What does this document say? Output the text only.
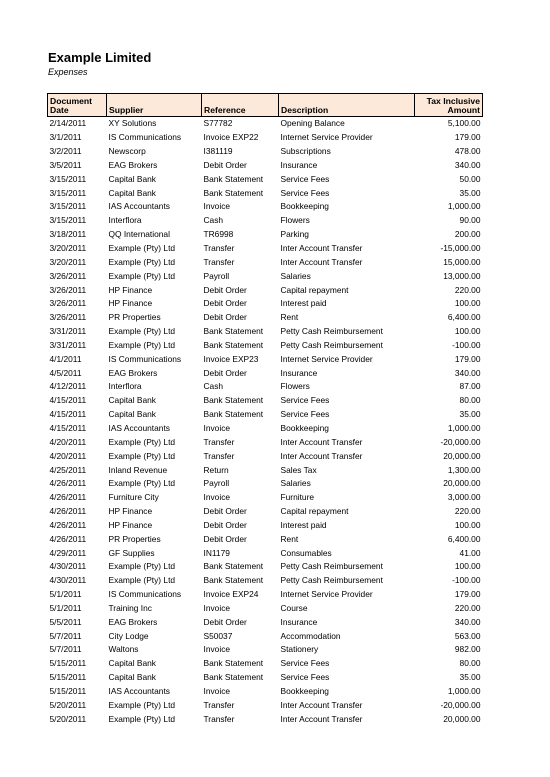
Example Limited
Expenses
Document Date	Supplier	Reference	Description	Tax Inclusive Amount
2/14/2011	XY Solutions	S77782	Opening Balance	5,100.00
3/1/2011	IS Communications	Invoice EXP22	Internet Service Provider	179.00
3/2/2011	Newscorp	I381119	Subscriptions	478.00
3/5/2011	EAG Brokers	Debit Order	Insurance	340.00
3/15/2011	Capital Bank	Bank Statement	Service Fees	50.00
3/15/2011	Capital Bank	Bank Statement	Service Fees	35.00
3/15/2011	IAS Accountants	Invoice	Bookkeeping	1,000.00
3/15/2011	Interflora	Cash	Flowers	90.00
3/18/2011	QQ International	TR6998	Parking	200.00
3/20/2011	Example (Pty) Ltd	Transfer	Inter Account Transfer	-15,000.00
3/20/2011	Example (Pty) Ltd	Transfer	Inter Account Transfer	15,000.00
3/26/2011	Example (Pty) Ltd	Payroll	Salaries	13,000.00
3/26/2011	HP Finance	Debit Order	Capital repayment	220.00
3/26/2011	HP Finance	Debit Order	Interest paid	100.00
3/26/2011	PR Properties	Debit Order	Rent	6,400.00
3/31/2011	Example (Pty) Ltd	Bank Statement	Petty Cash Reimbursement	100.00
3/31/2011	Example (Pty) Ltd	Bank Statement	Petty Cash Reimbursement	-100.00
4/1/2011	IS Communications	Invoice EXP23	Internet Service Provider	179.00
4/5/2011	EAG Brokers	Debit Order	Insurance	340.00
4/12/2011	Interflora	Cash	Flowers	87.00
4/15/2011	Capital Bank	Bank Statement	Service Fees	80.00
4/15/2011	Capital Bank	Bank Statement	Service Fees	35.00
4/15/2011	IAS Accountants	Invoice	Bookkeeping	1,000.00
4/20/2011	Example (Pty) Ltd	Transfer	Inter Account Transfer	-20,000.00
4/20/2011	Example (Pty) Ltd	Transfer	Inter Account Transfer	20,000.00
4/25/2011	Inland Revenue	Return	Sales Tax	1,300.00
4/26/2011	Example (Pty) Ltd	Payroll	Salaries	20,000.00
4/26/2011	Furniture City	Invoice	Furniture	3,000.00
4/26/2011	HP Finance	Debit Order	Capital repayment	220.00
4/26/2011	HP Finance	Debit Order	Interest paid	100.00
4/26/2011	PR Properties	Debit Order	Rent	6,400.00
4/29/2011	GF Supplies	IN1179	Consumables	41.00
4/30/2011	Example (Pty) Ltd	Bank Statement	Petty Cash Reimbursement	100.00
4/30/2011	Example (Pty) Ltd	Bank Statement	Petty Cash Reimbursement	-100.00
5/1/2011	IS Communications	Invoice EXP24	Internet Service Provider	179.00
5/1/2011	Training Inc	Invoice	Course	220.00
5/5/2011	EAG Brokers	Debit Order	Insurance	340.00
5/7/2011	City Lodge	S50037	Accommodation	563.00
5/7/2011	Waltons	Invoice	Stationery	982.00
5/15/2011	Capital Bank	Bank Statement	Service Fees	80.00
5/15/2011	Capital Bank	Bank Statement	Service Fees	35.00
5/15/2011	IAS Accountants	Invoice	Bookkeeping	1,000.00
5/20/2011	Example (Pty) Ltd	Transfer	Inter Account Transfer	-20,000.00
5/20/2011	Example (Pty) Ltd	Transfer	Inter Account Transfer	20,000.00
